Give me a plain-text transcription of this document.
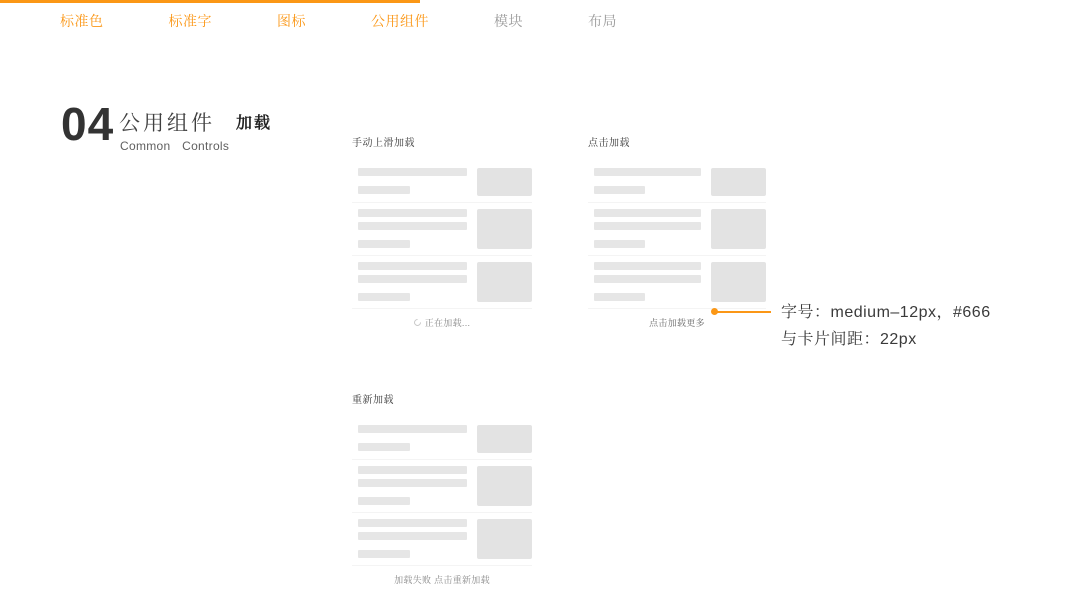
标准色	标准字	图标	公用组件	模块	布局
04 公用组件
Common Controls
加载
手动上滑加载
正在加载...
点击加载
点击加载更多
重新加载
加载失败 点击重新加载
字号：medium–12px，#666
与卡片间距：22px
